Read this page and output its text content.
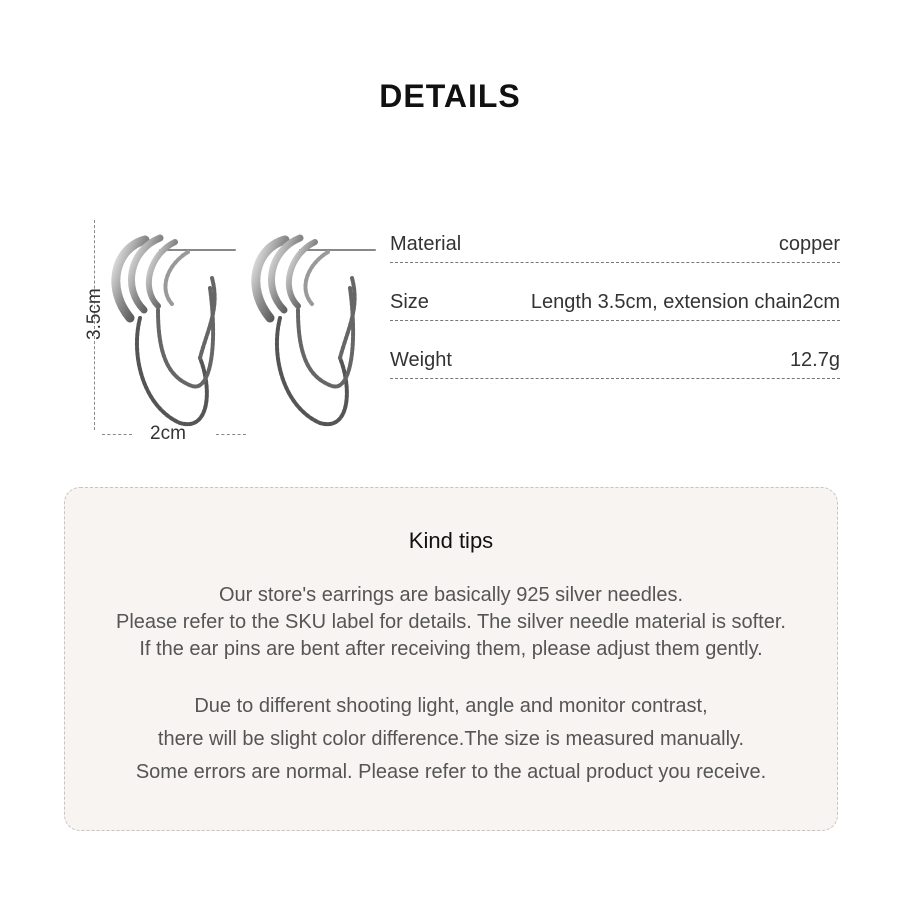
DETAILS
3.5cm
2cm
Material	copper
Size	Length 3.5cm, extension chain2cm
Weight	12.7g
Kind tips
Our store's earrings are basically 925 silver needles.
Please refer to the SKU label for details. The silver needle material is softer.
If the ear pins are bent after receiving them, please adjust them gently.
Due to different shooting light, angle and monitor contrast,
there will be slight color difference.The size is measured manually.
Some errors are normal. Please refer to the actual product you receive.
